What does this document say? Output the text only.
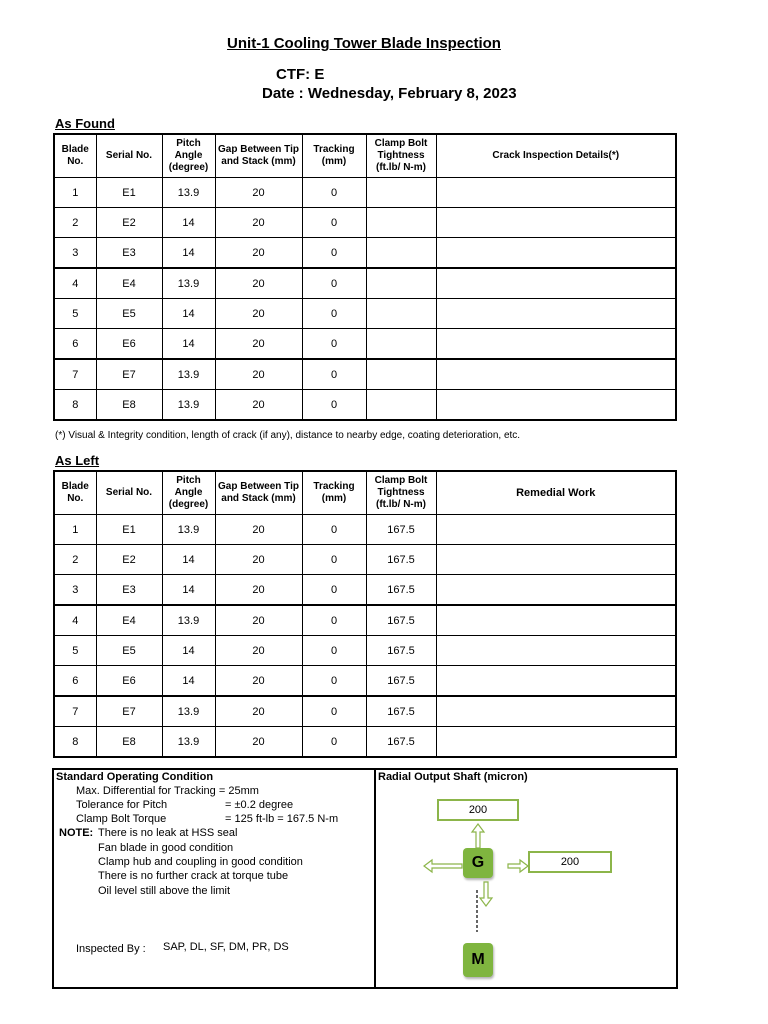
Unit-1 Cooling Tower Blade Inspection
CTF: E
Date : Wednesday, February 8, 2023
As Found
Blade No.	Serial No.	Pitch Angle (degree)	Gap Between Tip and Stack (mm)	Tracking (mm)	Clamp Bolt Tightness (ft.lb/ N-m)	Crack Inspection Details(*)
1	E1	13.9	20	0		
2	E2	14	20	0		
3	E3	14	20	0		
4	E4	13.9	20	0		
5	E5	14	20	0		
6	E6	14	20	0		
7	E7	13.9	20	0		
8	E8	13.9	20	0		
(*) Visual & Integrity condition, length of crack (if any), distance to nearby edge, coating deterioration, etc.
As Left
Blade No.	Serial No.	Pitch Angle (degree)	Gap Between Tip and Stack (mm)	Tracking (mm)	Clamp Bolt Tightness (ft.lb/ N-m)	Remedial Work
1	E1	13.9	20	0	167.5	
2	E2	14	20	0	167.5	
3	E3	14	20	0	167.5	
4	E4	13.9	20	0	167.5	
5	E5	14	20	0	167.5	
6	E6	14	20	0	167.5	
7	E7	13.9	20	0	167.5	
8	E8	13.9	20	0	167.5	
Standard Operating Condition
Max. Differential for Tracking = 25mm
Tolerance for Pitch	= ±0.2 degree
Clamp Bolt Torque	= 125 ft-lb = 167.5 N-m
NOTE: There is no leak at HSS seal
Fan blade in good condition
Clamp hub and coupling in good condition
There is no further crack at torque tube
Oil level still above the limit
Inspected By : SAP, DL, SF, DM, PR, DS
Radial Output Shaft (micron)
200
200
G
M
